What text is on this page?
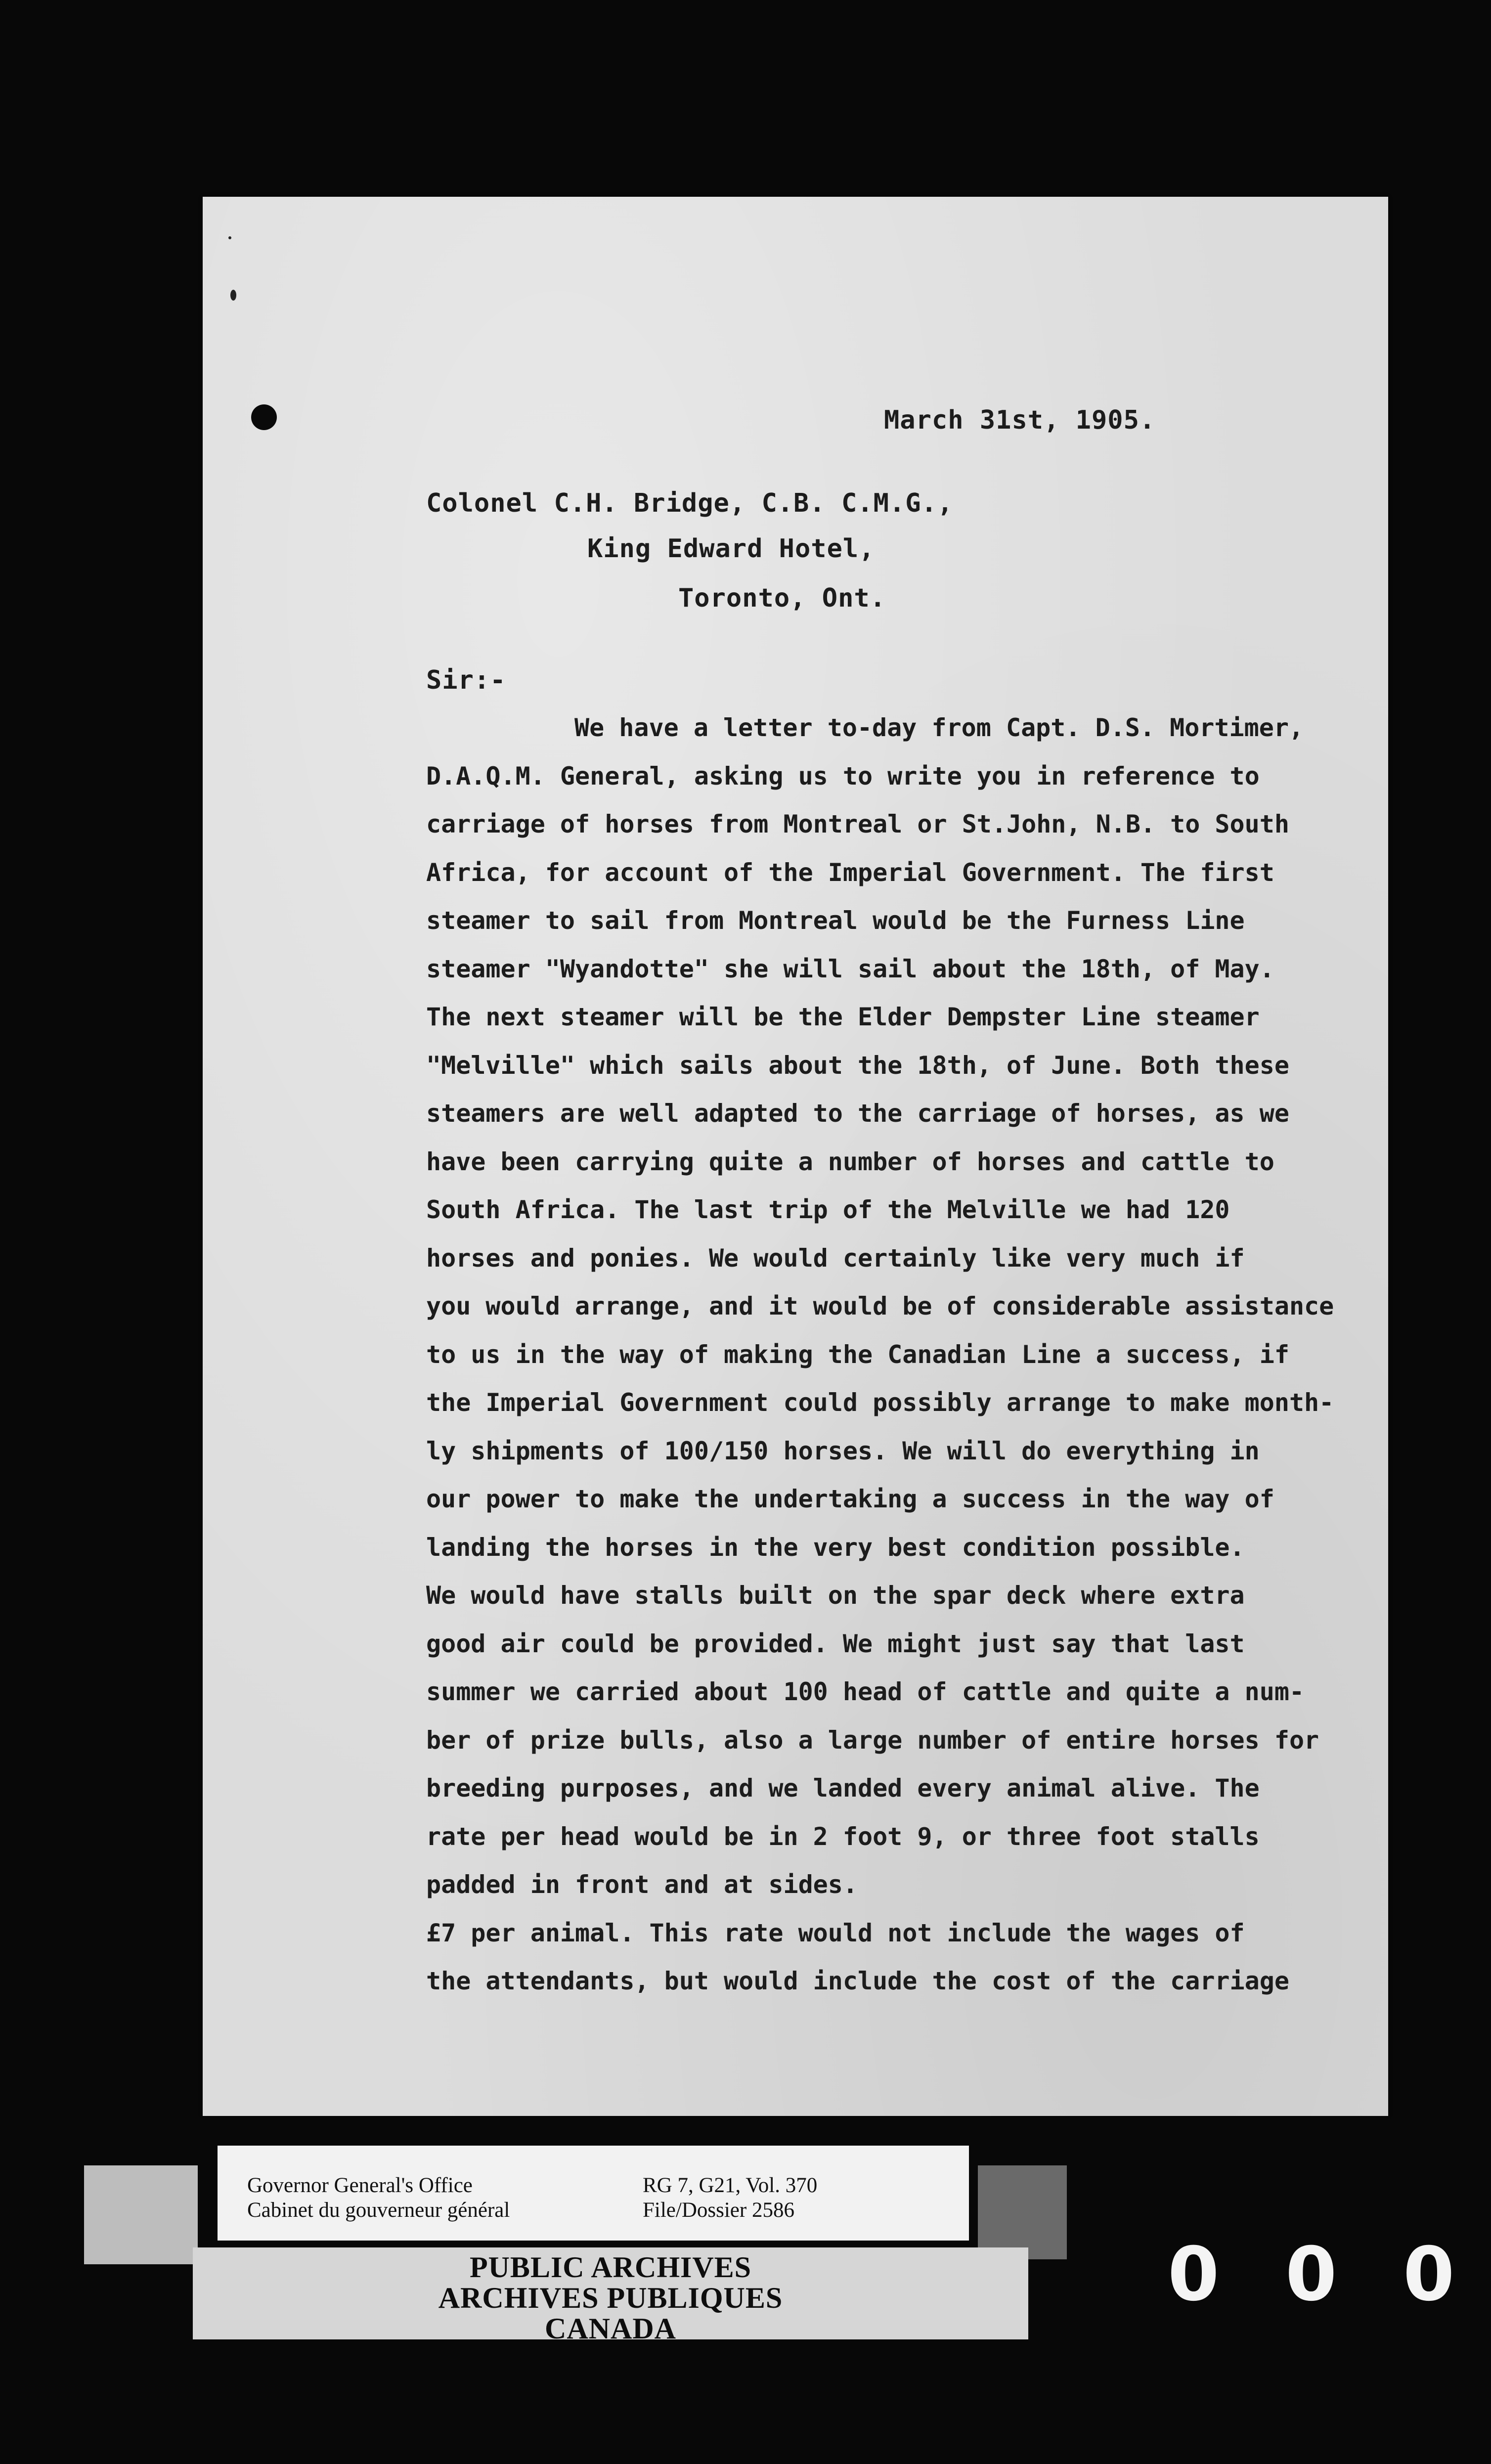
March 31st, 1905.

Colonel C.H. Bridge, C.B. C.M.G.,

King Edward Hotel,

Toronto, Ont.

Sir:-

We have a letter to-day from Capt. D.S. Mortimer,
D.A.Q.M. General, asking us to write you in reference to
carriage of horses from Montreal or St.John, N.B. to South
Africa, for account of the Imperial Government. The first
steamer to sail from Montreal would be the Furness Line
steamer "Wyandotte" she will sail about the 18th, of May.
The next steamer will be the Elder Dempster Line steamer
"Melville" which sails about the 18th, of June. Both these
steamers are well adapted to the carriage of horses, as we
have been carrying quite a number of horses and cattle to
South Africa. The last trip of the Melville we had 120
horses and ponies. We would certainly like very much if
you would arrange, and it would be of considerable assistance
to us in the way of making the Canadian Line a success, if
the Imperial Government could possibly arrange to make month-
ly shipments of 100/150 horses. We will do everything in
our power to make the undertaking a success in the way of
landing the horses in the very best condition possible.
We would have stalls built on the spar deck where extra
good air could be provided. We might just say that last
summer we carried about 100 head of cattle and quite a num-
ber of prize bulls, also a large number of entire horses for
breeding purposes, and we landed every animal alive. The
rate per head would be in 2 foot 9, or three foot stalls
padded in front and at sides.
£7 per animal. This rate would not include the wages of
the attendants, but would include the cost of the carriage
Governor General's Office
Cabinet du gouverneur général
RG 7, G21, Vol. 370
File/Dossier 2586
PUBLIC ARCHIVES
ARCHIVES PUBLIQUES
CANADA
0 0 0
